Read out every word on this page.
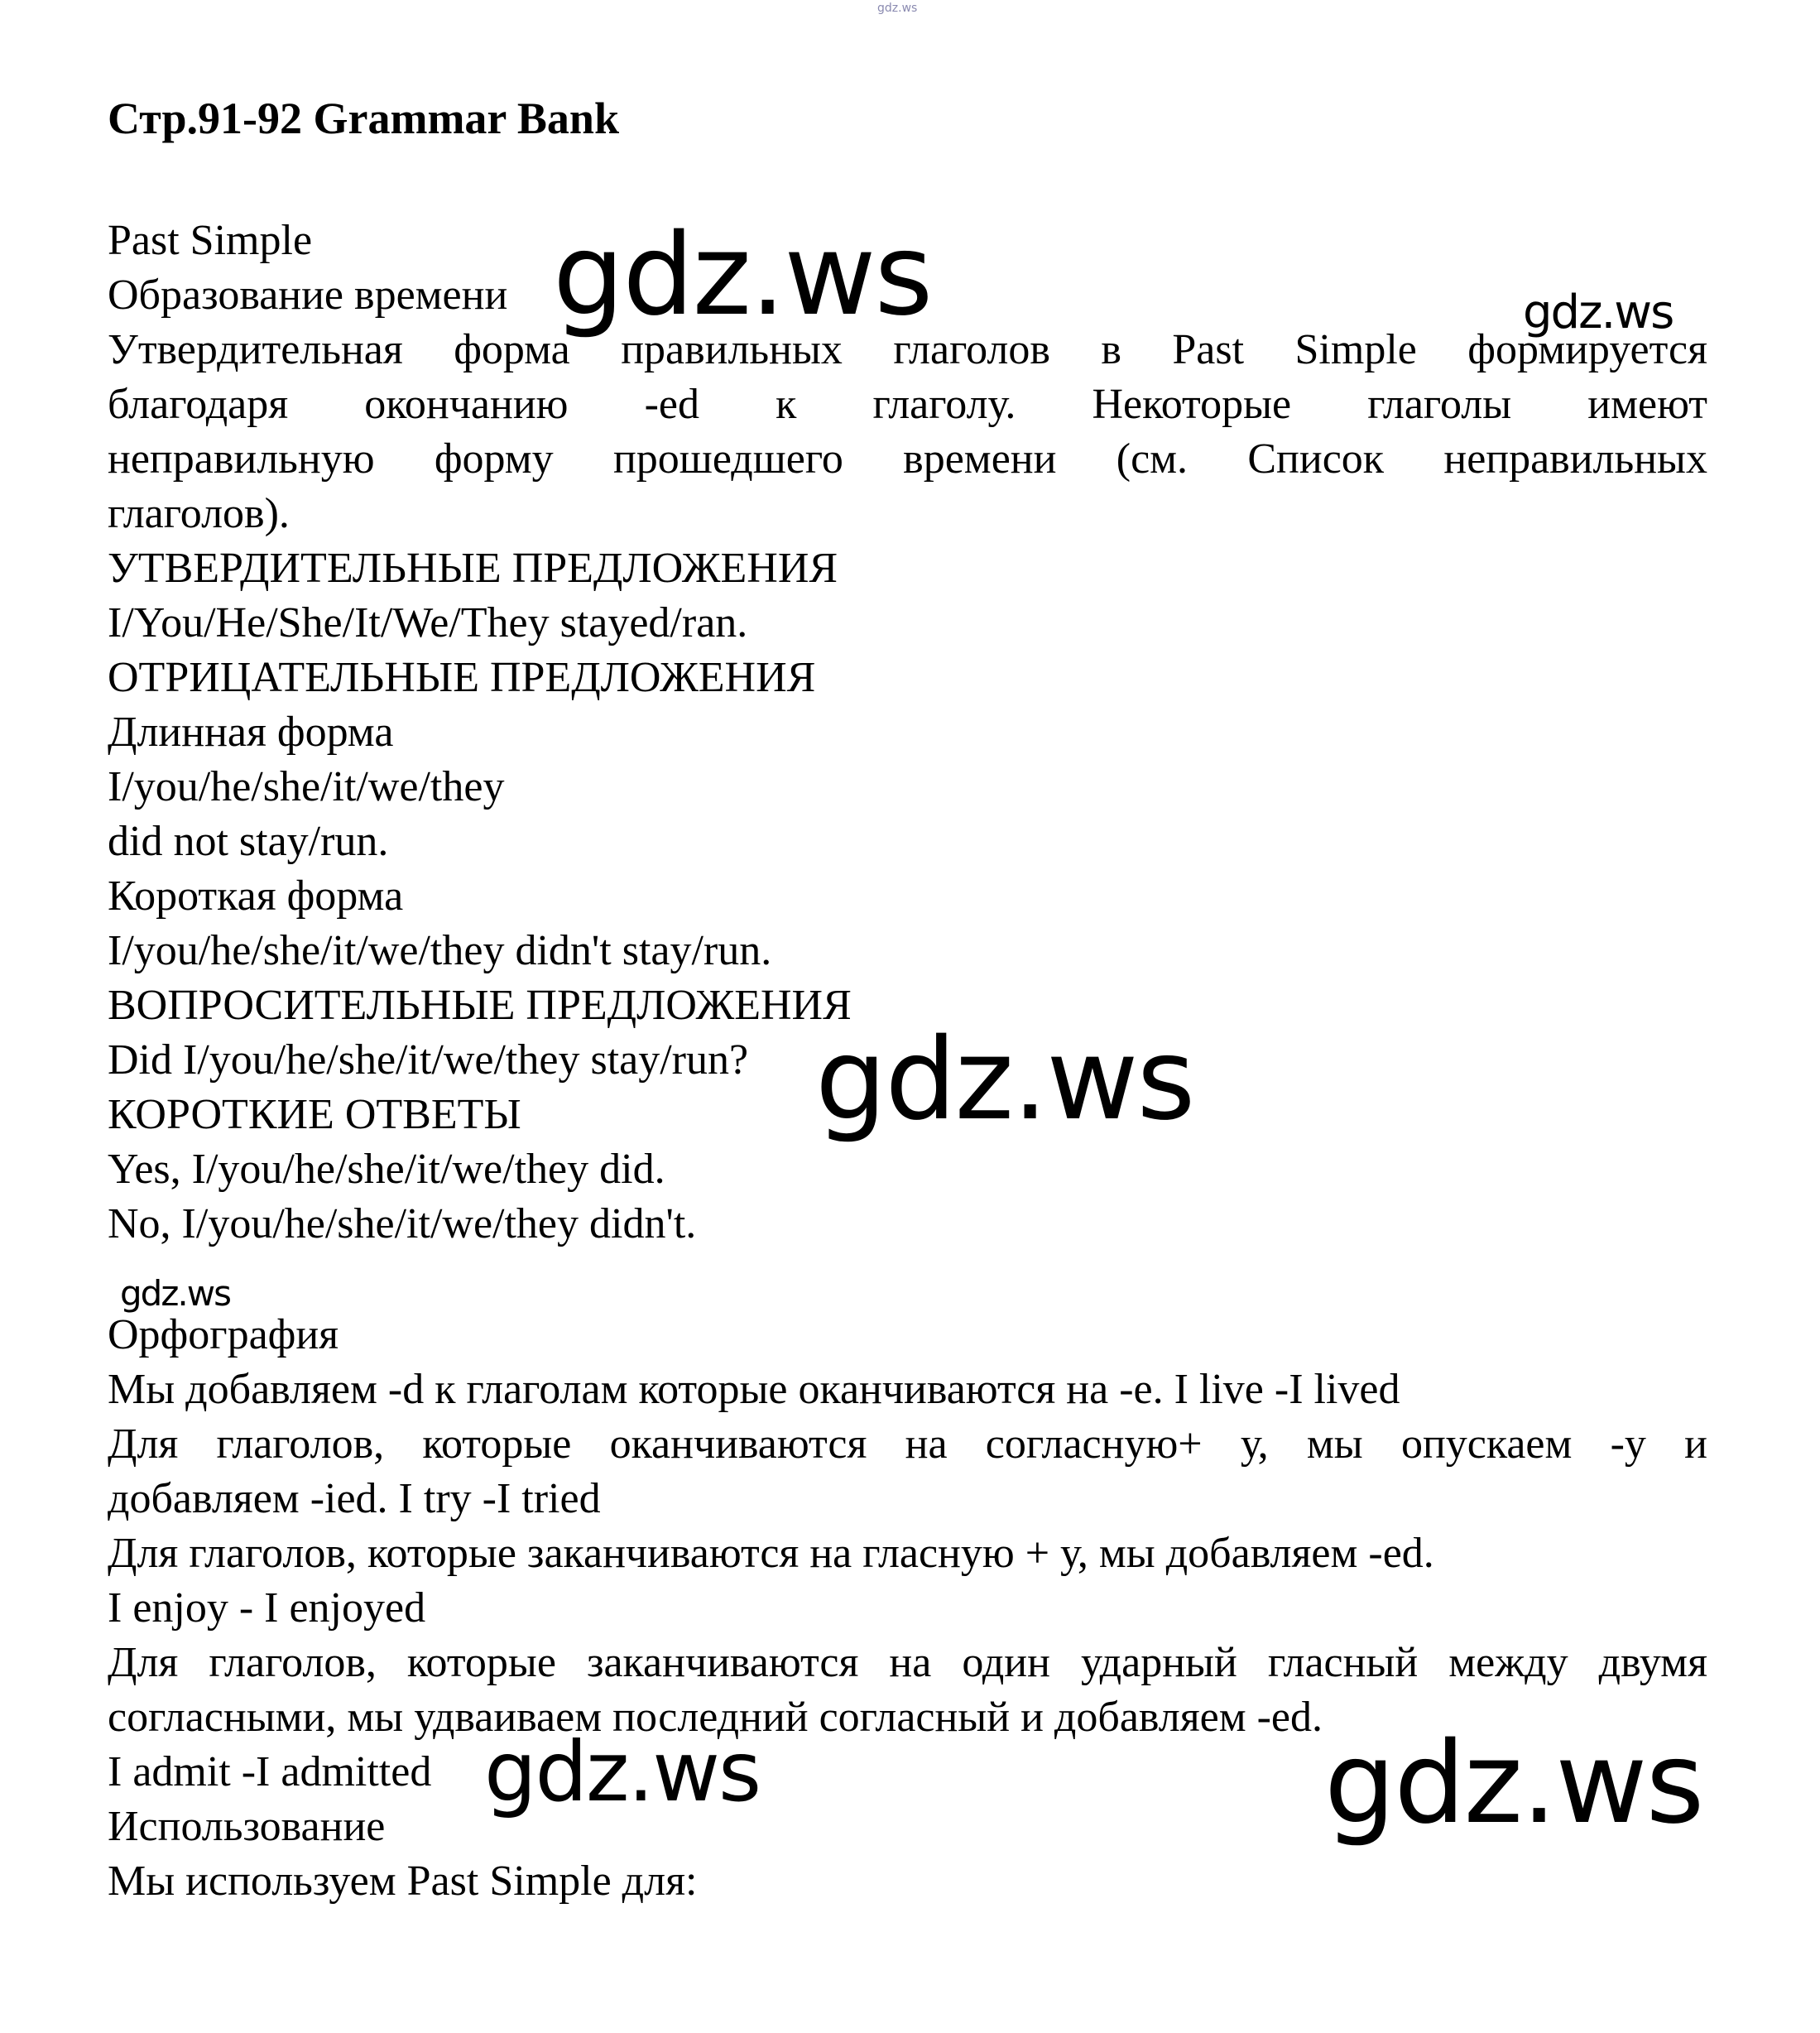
gdz.ws
Стр.91-92 Grammar Bank
Past Simple
Образование времени
Утвердительная форма правильных глаголов в Past Simple формируется
благодаря окончанию -ed к глаголу. Некоторые глаголы имеют
неправильную форму прошедшего времени (см. Список неправильных
глаголов).
УТВЕРДИТЕЛЬНЫЕ ПРЕДЛОЖЕНИЯ
I/You/He/She/It/We/They stayed/ran.
ОТРИЦАТЕЛЬНЫЕ ПРЕДЛОЖЕНИЯ
Длинная форма
I/you/he/she/it/we/they
did not stay/run.
Короткая форма
I/you/he/she/it/we/they didn't stay/run.
ВОПРОСИТЕЛЬНЫЕ ПРЕДЛОЖЕНИЯ
Did I/you/he/she/it/we/they stay/run?
КОРОТКИЕ ОТВЕТЫ
Yes, I/you/he/she/it/we/they did.
No, I/you/he/she/it/we/they didn't.
Орфография
Мы добавляем -d к глаголам которые оканчиваются на -е. I live -I lived
Для глаголов, которые оканчиваются на согласную+ у, мы опускаем -у и
добавляем -ied. I try -I tried
Для глаголов, которые заканчиваются на гласную + у, мы добавляем -ed.
I enjoy - I enjoyed
Для глаголов, которые заканчиваются на один ударный гласный между двумя
согласными, мы удваиваем последний согласный и добавляем -ed.
I admit -I admitted
Использование
Мы используем Past Simple для:
gdz.ws	gdz.ws
gdz.ws
gdz.ws
gdz.ws	gdz.ws
